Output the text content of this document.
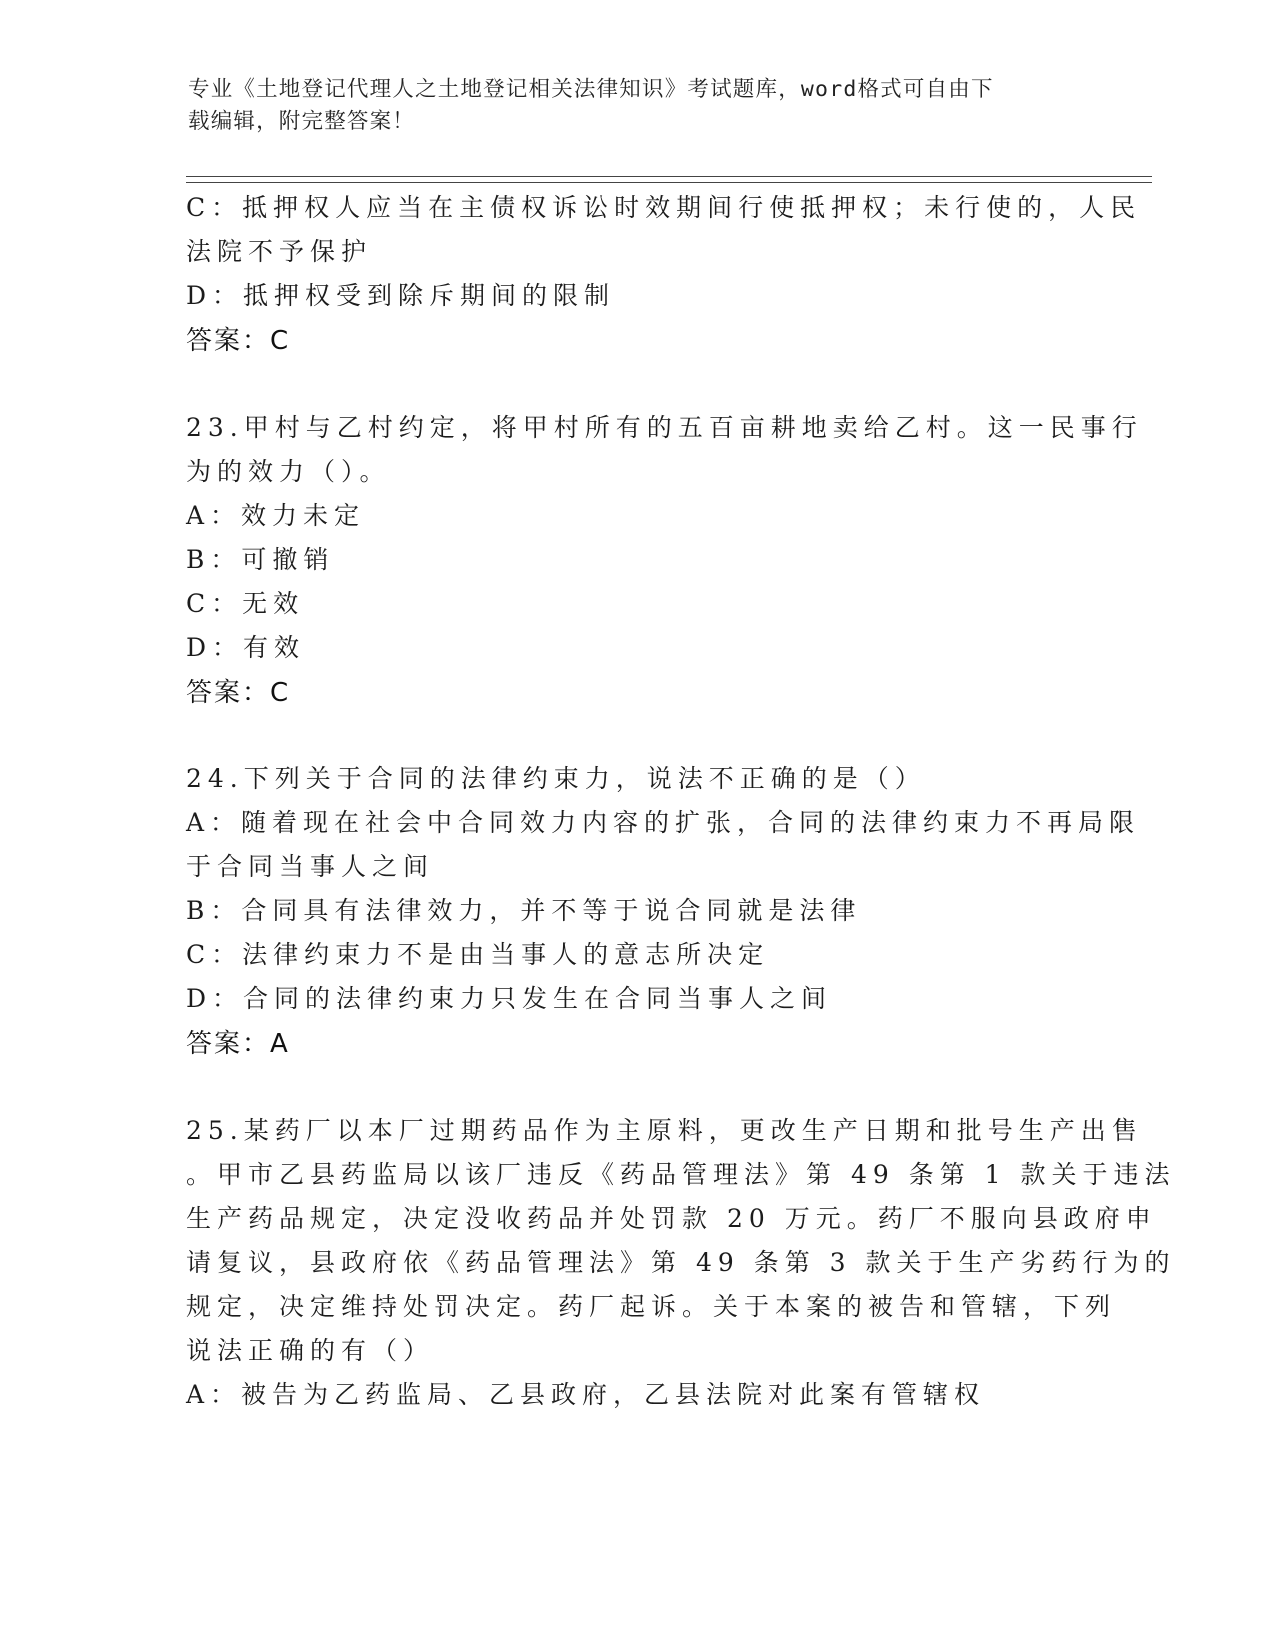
专业《土地登记代理人之土地登记相关法律知识》考试题库，word格式可自由下
载编辑，附完整答案！
C：抵押权人应当在主债权诉讼时效期间行使抵押权；未行使的，人民
法院不予保护
D：抵押权受到除斥期间的限制
答案：C
23.甲村与乙村约定，将甲村所有的五百亩耕地卖给乙村。这一民事行
为的效力（）。
A：效力未定
B：可撤销
C：无效
D：有效
答案：C
24.下列关于合同的法律约束力，说法不正确的是（）
A：随着现在社会中合同效力内容的扩张，合同的法律约束力不再局限
于合同当事人之间
B：合同具有法律效力，并不等于说合同就是法律
C：法律约束力不是由当事人的意志所决定
D：合同的法律约束力只发生在合同当事人之间
答案：A
25.某药厂以本厂过期药品作为主原料，更改生产日期和批号生产出售
。甲市乙县药监局以该厂违反《药品管理法》第 49 条第 1 款关于违法
生产药品规定，决定没收药品并处罚款 20 万元。药厂不服向县政府申
请复议，县政府依《药品管理法》第 49 条第 3 款关于生产劣药行为的
规定，决定维持处罚决定。药厂起诉。关于本案的被告和管辖，下列
说法正确的有（）
A：被告为乙药监局、乙县政府，乙县法院对此案有管辖权
